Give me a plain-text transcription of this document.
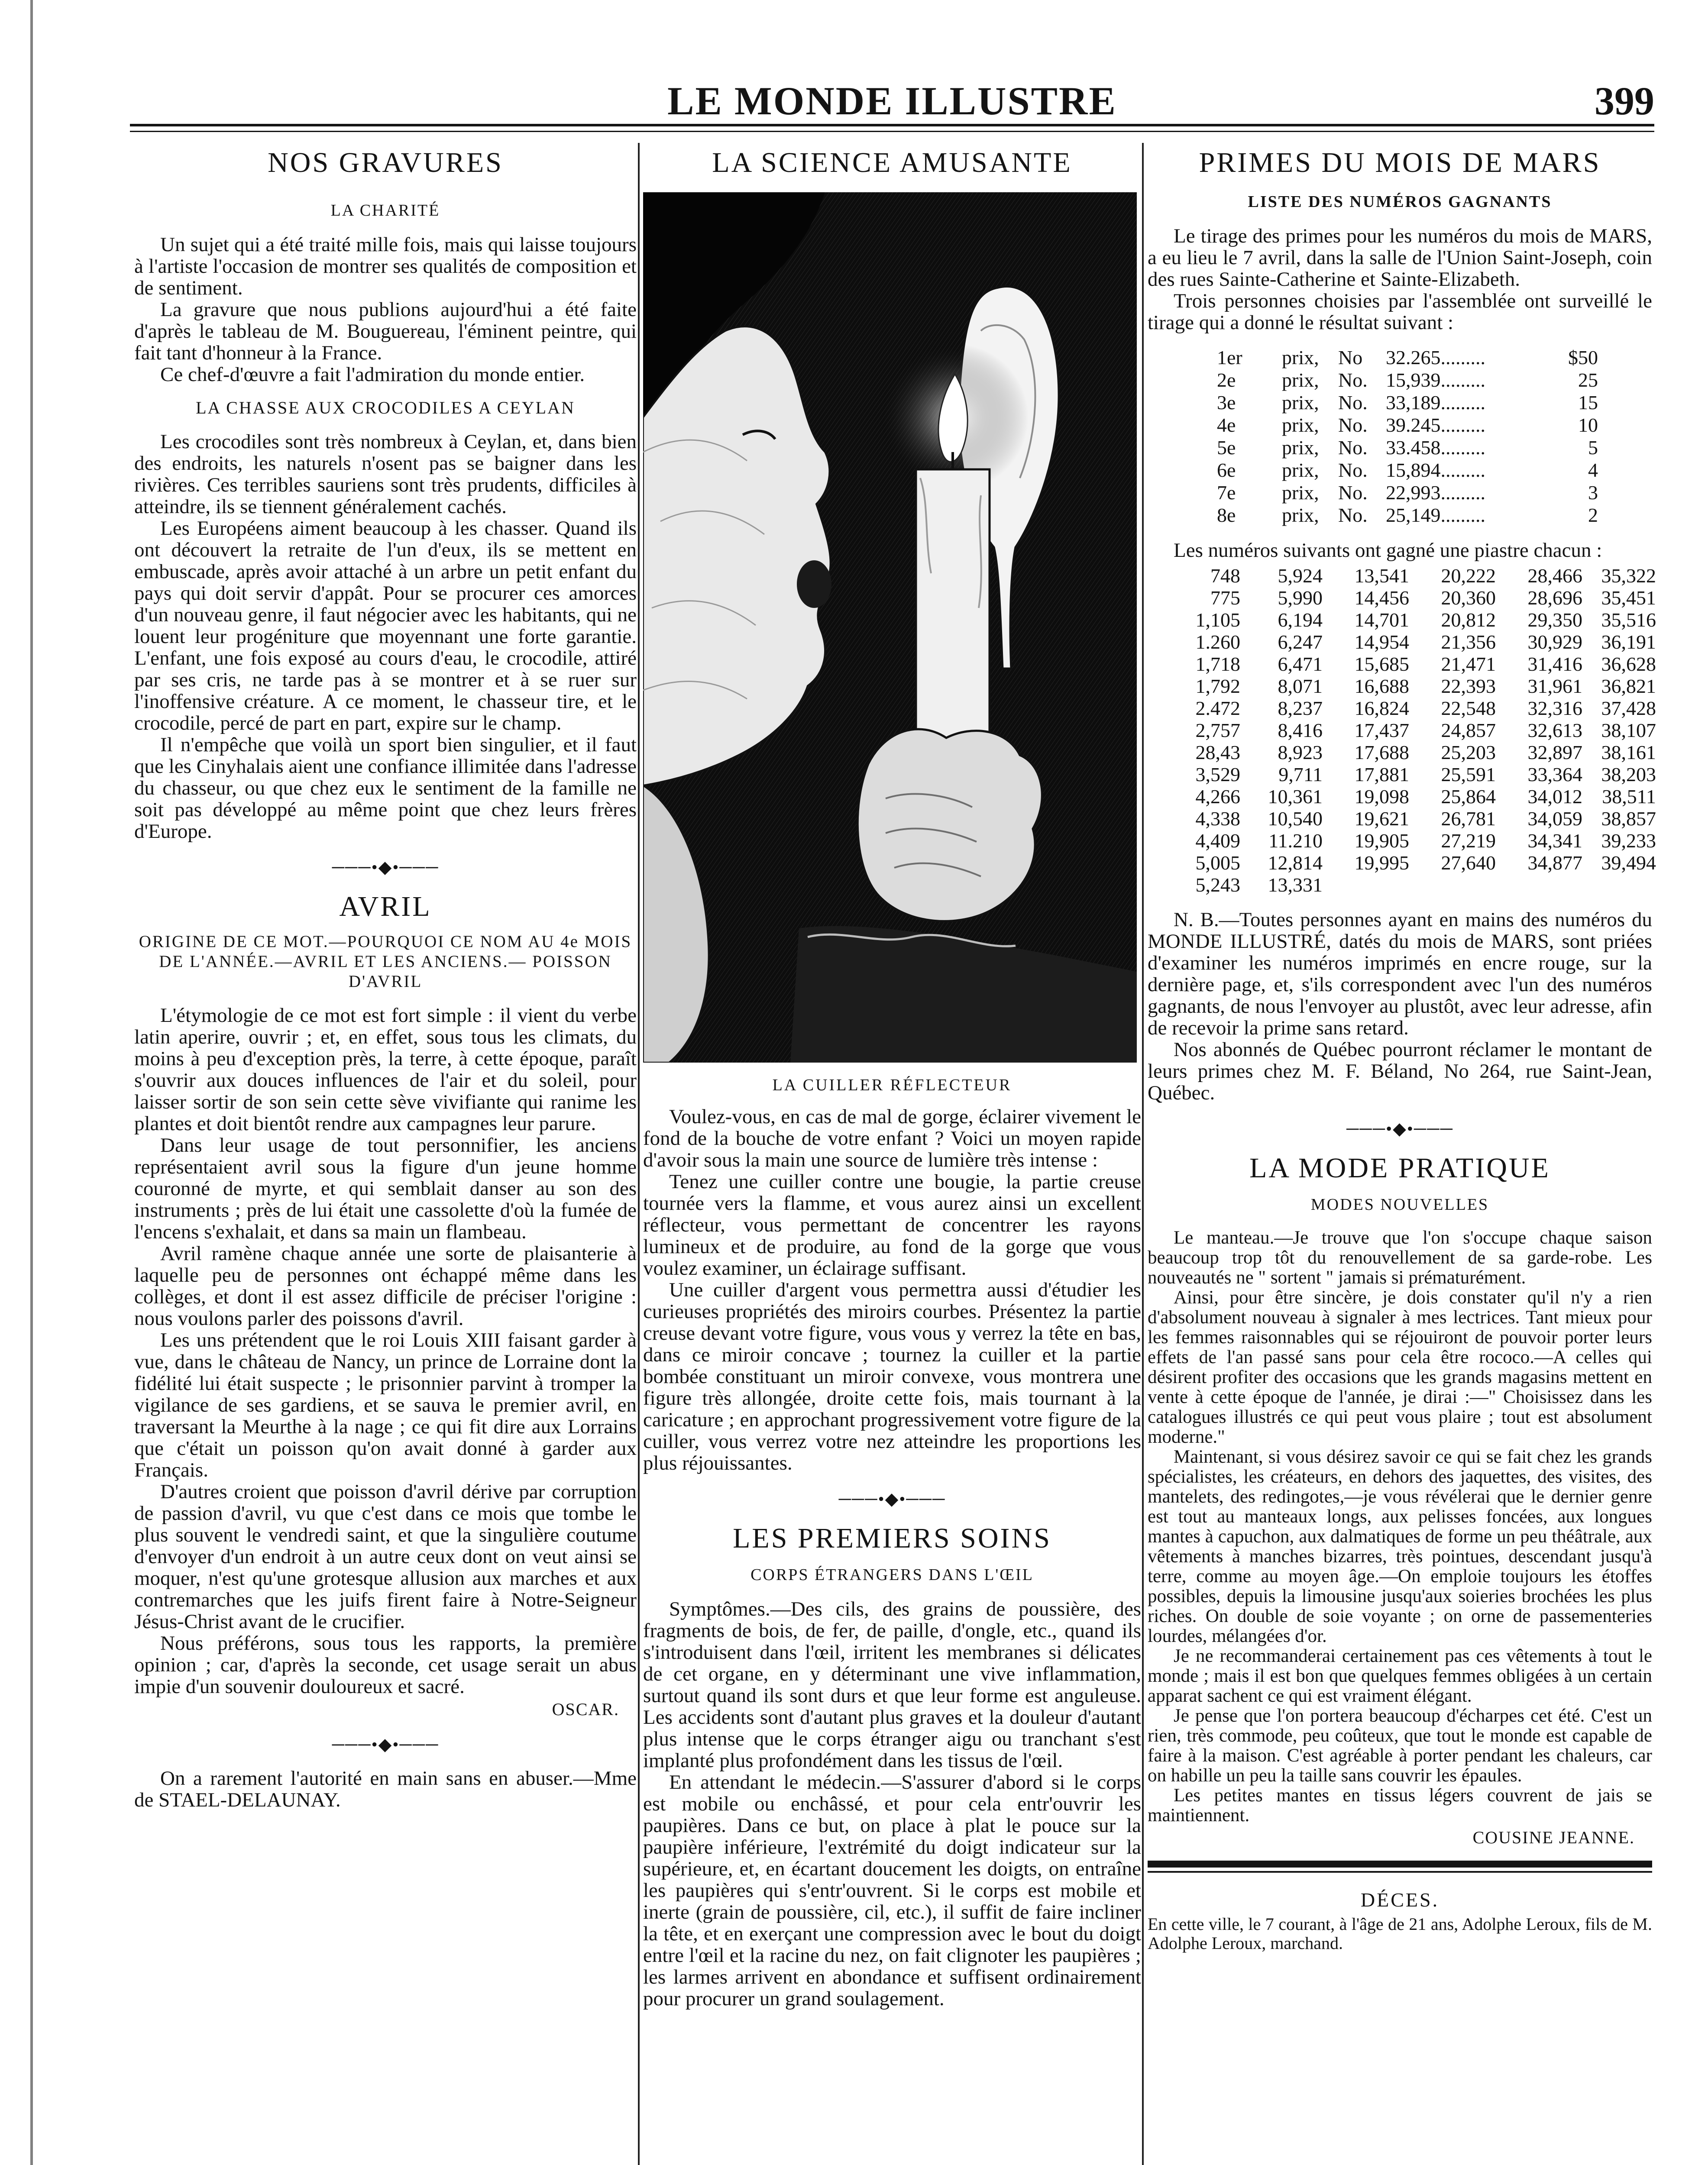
LE MONDE ILLUSTRE	399
NOS GRAVURES
LA CHARITÉ

Un sujet qui a été traité mille fois, mais qui laisse toujours à l'artiste l'occasion de montrer ses qualités de composition et de sentiment.

La gravure que nous publions aujourd'hui a été faite d'après le tableau de M. Bouguereau, l'éminent peintre, qui fait tant d'honneur à la France.

Ce chef-d'œuvre a fait l'admiration du monde entier.

LA CHASSE AUX CROCODILES A CEYLAN

Les crocodiles sont très nombreux à Ceylan, et, dans bien des endroits, les naturels n'osent pas se baigner dans les rivières. Ces terribles sauriens sont très prudents, difficiles à atteindre, ils se tiennent généralement cachés.

Les Européens aiment beaucoup à les chasser. Quand ils ont découvert la retraite de l'un d'eux, ils se mettent en embuscade, après avoir attaché à un arbre un petit enfant du pays qui doit servir d'appât. Pour se procurer ces amorces d'un nouveau genre, il faut négocier avec les habitants, qui ne louent leur progéniture que moyennant une forte garantie. L'enfant, une fois exposé au cours d'eau, le crocodile, attiré par ses cris, ne tarde pas à se montrer et à se ruer sur l'inoffensive créature. A ce moment, le chasseur tire, et le crocodile, percé de part en part, expire sur le champ.

Il n'empêche que voilà un sport bien singulier, et il faut que les Cinyhalais aient une confiance illimitée dans l'adresse du chasseur, ou que chez eux le sentiment de la famille ne soit pas développé au même point que chez leurs frères d'Europe.

───•◆•───
AVRIL
ORIGINE DE CE MOT.—POURQUOI CE NOM AU 4e MOIS DE L'ANNÉE.—AVRIL ET LES ANCIENS.— POISSON D'AVRIL

L'étymologie de ce mot est fort simple : il vient du verbe latin aperire, ouvrir ; et, en effet, sous tous les climats, du moins à peu d'exception près, la terre, à cette époque, paraît s'ouvrir aux douces influences de l'air et du soleil, pour laisser sortir de son sein cette sève vivifiante qui ranime les plantes et doit bientôt rendre aux campagnes leur parure.

Dans leur usage de tout personnifier, les anciens représentaient avril sous la figure d'un jeune homme couronné de myrte, et qui semblait danser au son des instruments ; près de lui était une cassolette d'où la fumée de l'encens s'exhalait, et dans sa main un flambeau.

Avril ramène chaque année une sorte de plaisanterie à laquelle peu de personnes ont échappé même dans les collèges, et dont il est assez difficile de préciser l'origine : nous voulons parler des poissons d'avril.

Les uns prétendent que le roi Louis XIII faisant garder à vue, dans le château de Nancy, un prince de Lorraine dont la fidélité lui était suspecte ; le prisonnier parvint à tromper la vigilance de ses gardiens, et se sauva le premier avril, en traversant la Meurthe à la nage ; ce qui fit dire aux Lorrains que c'était un poisson qu'on avait donné à garder aux Français.

D'autres croient que poisson d'avril dérive par corruption de passion d'avril, vu que c'est dans ce mois que tombe le plus souvent le vendredi saint, et que la singulière coutume d'envoyer d'un endroit à un autre ceux dont on veut ainsi se moquer, n'est qu'une grotesque allusion aux marches et aux contremarches que les juifs firent faire à Notre-Seigneur Jésus-Christ avant de le crucifier.

Nous préférons, sous tous les rapports, la première opinion ; car, d'après la seconde, cet usage serait un abus impie d'un souvenir douloureux et sacré.

OSCAR.
───•◆•───

On a rarement l'autorité en main sans en abuser.—Mme de STAEL-DELAUNAY.

LA SCIENCE AMUSANTE
LA CUILLER RÉFLECTEUR

Voulez-vous, en cas de mal de gorge, éclairer vivement le fond de la bouche de votre enfant ? Voici un moyen rapide d'avoir sous la main une source de lumière très intense :

Tenez une cuiller contre une bougie, la partie creuse tournée vers la flamme, et vous aurez ainsi un excellent réflecteur, vous permettant de concentrer les rayons lumineux et de produire, au fond de la gorge que vous voulez examiner, un éclairage suffisant.

Une cuiller d'argent vous permettra aussi d'étudier les curieuses propriétés des miroirs courbes. Présentez la partie creuse devant votre figure, vous vous y verrez la tête en bas, dans ce miroir concave ; tournez la cuiller et la partie bombée constituant un miroir convexe, vous montrera une figure très allongée, droite cette fois, mais tournant à la caricature ; en approchant progressivement votre figure de la cuiller, vous verrez votre nez atteindre les proportions les plus réjouissantes.

───•◆•───
LES PREMIERS SOINS
CORPS ÉTRANGERS DANS L'ŒIL

Symptômes.—Des cils, des grains de poussière, des fragments de bois, de fer, de paille, d'ongle, etc., quand ils s'introduisent dans l'œil, irritent les membranes si délicates de cet organe, en y déterminant une vive inflammation, surtout quand ils sont durs et que leur forme est anguleuse. Les accidents sont d'autant plus graves et la douleur d'autant plus intense que le corps étranger aigu ou tranchant s'est implanté plus profondément dans les tissus de l'œil.

En attendant le médecin.—S'assurer d'abord si le corps est mobile ou enchâssé, et pour cela entr'ouvrir les paupières. Dans ce but, on place à plat le pouce sur la paupière inférieure, l'extrémité du doigt indicateur sur la supérieure, et, en écartant doucement les doigts, on entraîne les paupières qui s'entr'ouvrent. Si le corps est mobile et inerte (grain de poussière, cil, etc.), il suffit de faire incliner la tête, et en exerçant une compression avec le bout du doigt entre l'œil et la racine du nez, on fait clignoter les paupières ; les larmes arrivent en abondance et suffisent ordinairement pour procurer un grand soulagement.

PRIMES DU MOIS DE MARS
LISTE DES NUMÉROS GAGNANTS

Le tirage des primes pour les numéros du mois de MARS, a eu lieu le 7 avril, dans la salle de l'Union Saint-Joseph, coin des rues Sainte-Catherine et Sainte-Elizabeth.

Trois personnes choisies par l'assemblée ont surveillé le tirage qui a donné le résultat suivant :

1er	prix, No	32.265.........	$50
2e	prix, No. 15,939.........	25
3e	prix, No. 33,189.........	15
4e	prix, No. 39.245.........	10
5e	prix, No. 33.458.........	5
6e	prix, No. 15,894.........	4
7e	prix, No. 22,993.........	3
8e	prix, No. 25,149.........	2

Les numéros suivants ont gagné une piastre chacun :

748	5,924	13,541	20,222	28,466 35,322
775	5,990	14,456	20,360	28,696 35,451
1,105	6,194	14,701	20,812	29,350 35,516
1.260	6,247	14,954	21,356	30,929 36,191
1,718	6,471	15,685	21,471	31,416 36,628
1,792	8,071	16,688	22,393	31,961 36,821
2.472	8,237	16,824	22,548	32,316 37,428
2,757	8,416	17,437	24,857	32,613 38,107
28,43	8,923	17,688	25,203	32,897 38,161
3,529	9,711	17,881	25,591	33,364 38,203
4,266	10,361	19,098	25,864	34,012 38,511
4,338	10,540	19,621	26,781	34,059 38,857
4,409	11.210	19,905	27,219	34,341 39,233
5,005	12,814	19,995	27,640	34,877 39,494
5,243	13,331

N. B.—Toutes personnes ayant en mains des numéros du MONDE ILLUSTRÉ, datés du mois de MARS, sont priées d'examiner les numéros imprimés en encre rouge, sur la dernière page, et, s'ils correspondent avec l'un des numéros gagnants, de nous l'envoyer au plustôt, avec leur adresse, afin de recevoir la prime sans retard.

Nos abonnés de Québec pourront réclamer le montant de leurs primes chez M. F. Béland, No 264, rue Saint-Jean, Québec.

───•◆•───
LA MODE PRATIQUE
MODES NOUVELLES

Le manteau.—Je trouve que l'on s'occupe chaque saison beaucoup trop tôt du renouvellement de sa garde-robe. Les nouveautés ne " sortent " jamais si prématurément.

Ainsi, pour être sincère, je dois constater qu'il n'y a rien d'absolument nouveau à signaler à mes lectrices. Tant mieux pour les femmes raisonnables qui se réjouiront de pouvoir porter leurs effets de l'an passé sans pour cela être rococo.—A celles qui désirent profiter des occasions que les grands magasins mettent en vente à cette époque de l'année, je dirai :—" Choisissez dans les catalogues illustrés ce qui peut vous plaire ; tout est absolument moderne."

Maintenant, si vous désirez savoir ce qui se fait chez les grands spécialistes, les créateurs, en dehors des jaquettes, des visites, des mantelets, des redingotes,—je vous révélerai que le dernier genre est tout au manteaux longs, aux pelisses foncées, aux longues mantes à capuchon, aux dalmatiques de forme un peu théâtrale, aux vêtements à manches bizarres, très pointues, descendant jusqu'à terre, comme au moyen âge.—On emploie toujours les étoffes possibles, depuis la limousine jusqu'aux soieries brochées les plus riches. On double de soie voyante ; on orne de passementeries lourdes, mélangées d'or.

Je ne recommanderai certainement pas ces vêtements à tout le monde ; mais il est bon que quelques femmes obligées à un certain apparat sachent ce qui est vraiment élégant.

Je pense que l'on portera beaucoup d'écharpes cet été. C'est un rien, très commode, peu coûteux, que tout le monde est capable de faire à la maison. C'est agréable à porter pendant les chaleurs, car on habille un peu la taille sans couvrir les épaules.

Les petites mantes en tissus légers couvrent de jais se maintiennent.

COUSINE JEANNE.
DÉCES.

En cette ville, le 7 courant, à l'âge de 21 ans, Adolphe Leroux, fils de M. Adolphe Leroux, marchand.
